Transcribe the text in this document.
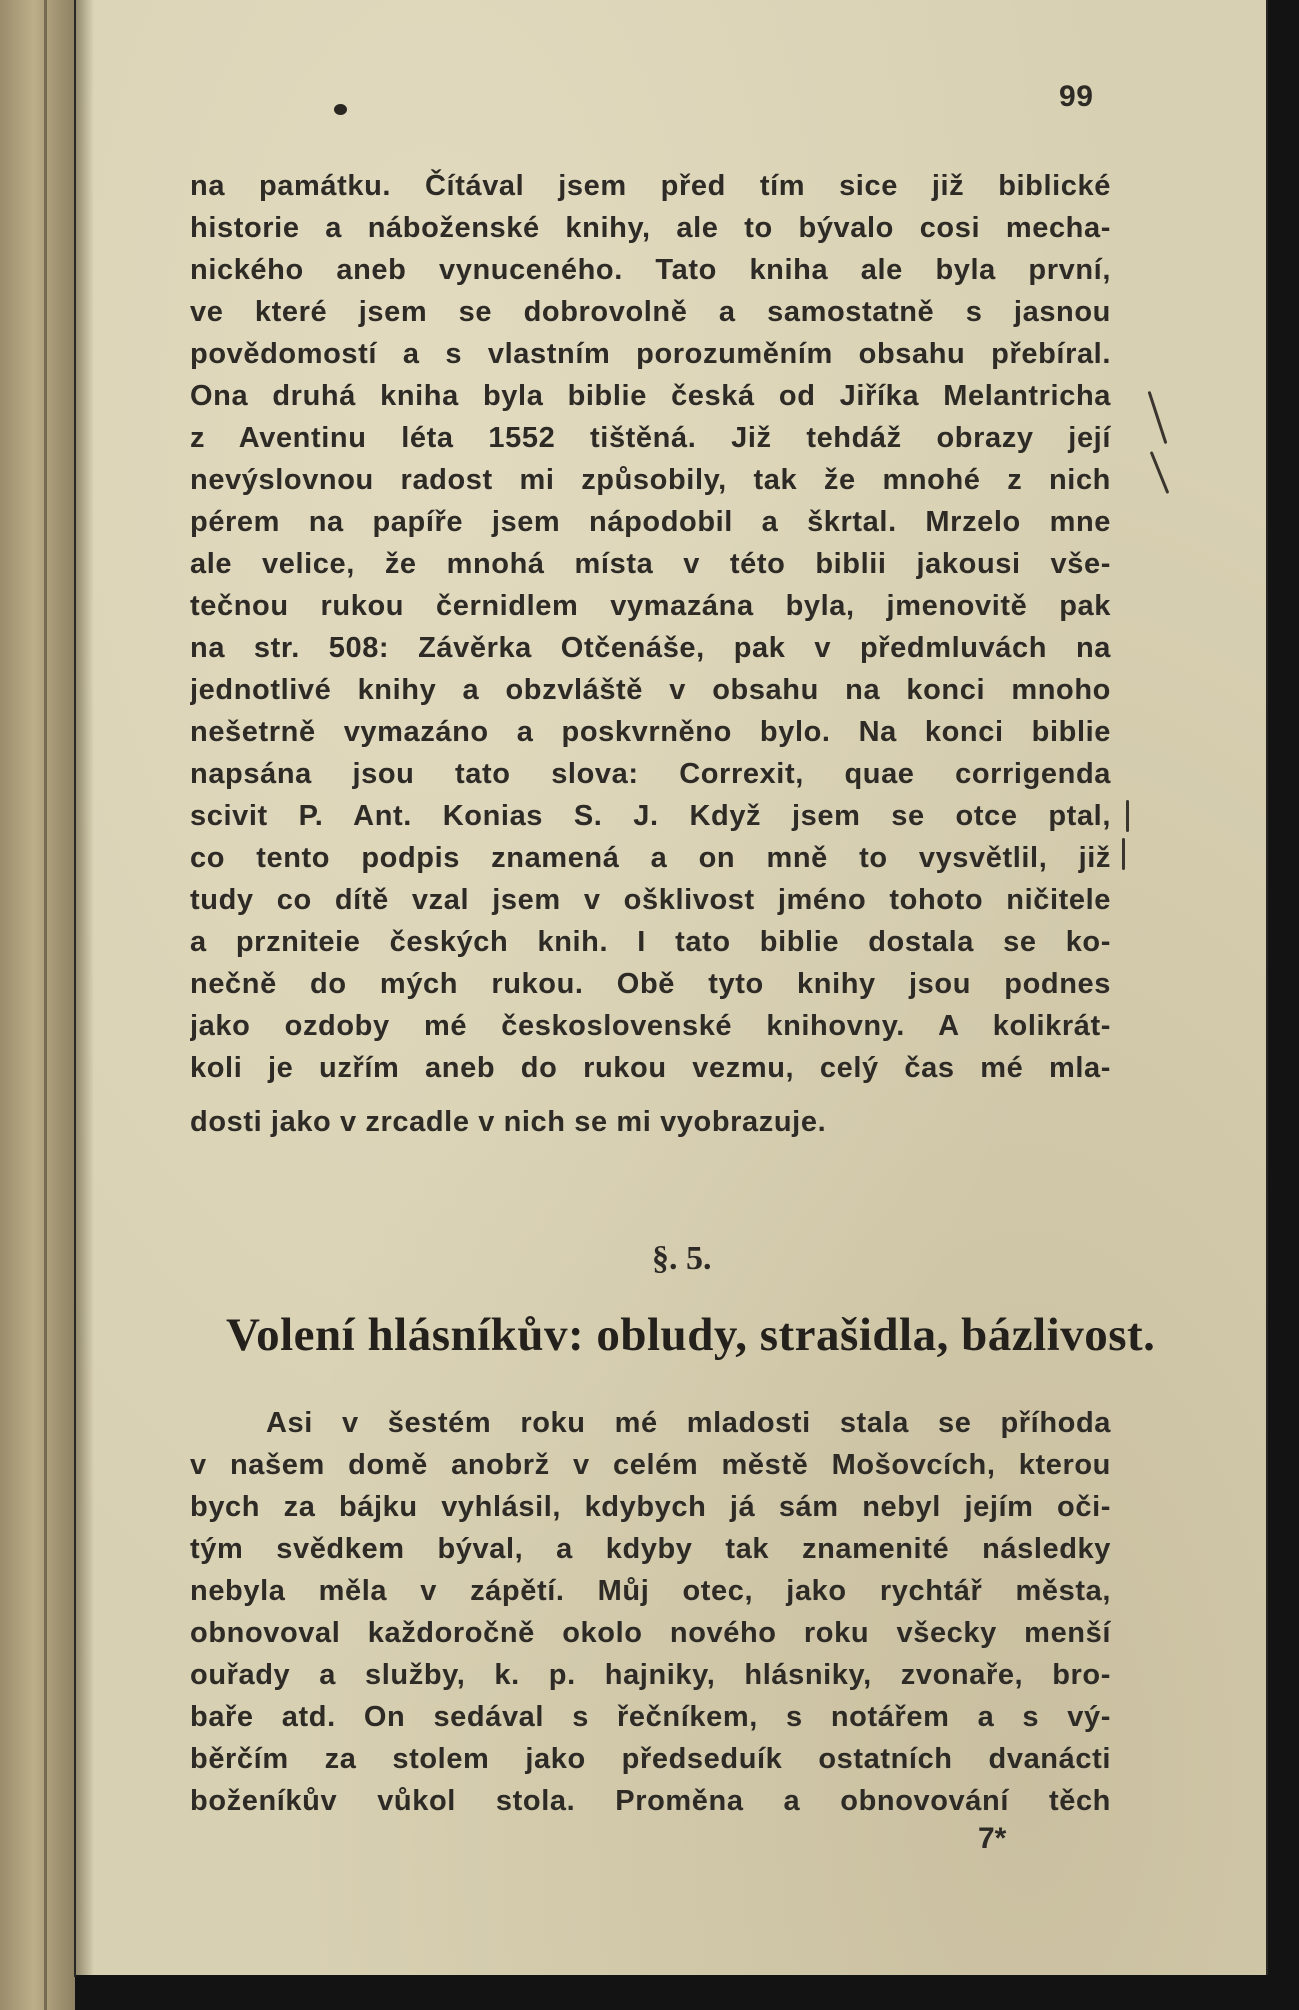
99
na památku. Čítával jsem před tím sice již biblické
historie a náboženské knihy, ale to bývalo cosi mecha-
nického aneb vynuceného. Tato kniha ale byla první,
ve které jsem se dobrovolně a samostatně s jasnou
povědomostí a s vlastním porozuměním obsahu přebíral.
Ona druhá kniha byla biblie česká od Jiříka Melantricha
z Aventinu léta 1552 tištěná. Již tehdáž obrazy její
nevýslovnou radost mi způsobily, tak že mnohé z nich
pérem na papíře jsem nápodobil a škrtal. Mrzelo mne
ale velice, že mnohá místa v této biblii jakousi vše-
tečnou rukou černidlem vymazána byla, jmenovitě pak
na str. 508: Závěrka Otčenáše, pak v předmluvách na
jednotlivé knihy a obzvláště v obsahu na konci mnoho
nešetrně vymazáno a poskvrněno bylo. Na konci biblie
napsána jsou tato slova: Correxit, quae corrigenda
scivit P. Ant. Konias S. J. Když jsem se otce ptal,
co tento podpis znamená a on mně to vysvětlil, již
tudy co dítě vzal jsem v ošklivost jméno tohoto ničitele
a przniteie českých knih. I tato biblie dostala se ko-
nečně do mých rukou. Obě tyto knihy jsou podnes
jako ozdoby mé československé knihovny. A kolikrát-
koli je uzřím aneb do rukou vezmu, celý čas mé mla-
dosti jako v zrcadle v nich se mi vyobrazuje.
§. 5.
Volení hlásníkův: obludy, strašidla, bázlivost.
Asi v šestém roku mé mladosti stala se příhoda
v našem domě anobrž v celém městě Mošovcích, kterou
bych za bájku vyhlásil, kdybych já sám nebyl jejím oči-
tým svědkem býval, a kdyby tak znamenité následky
nebyla měla v zápětí. Můj otec, jako rychtář města,
obnovoval každoročně okolo nového roku všecky menší
ouřady a služby, k. p. hajniky, hlásniky, zvonaře, bro-
baře atd. On sedával s řečníkem, s notářem a s vý-
běrčím za stolem jako předseduík ostatních dvanácti
boženíkův vůkol stola. Proměna a obnovování těch
7*
